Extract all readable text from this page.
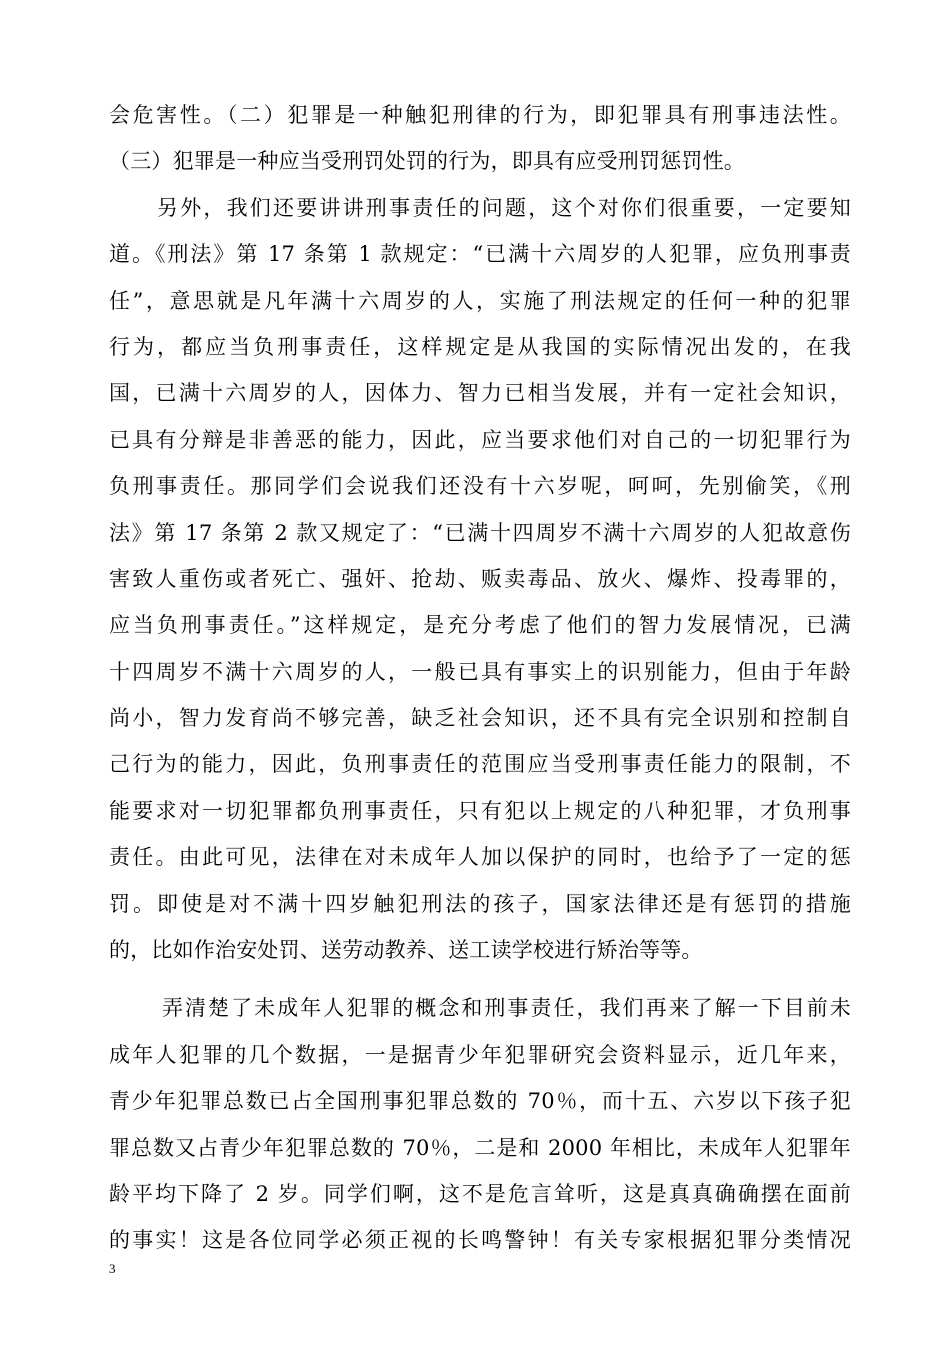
会危害性。（二）犯罪是一种触犯刑律的行为，即犯罪具有刑事违法性。
（三）犯罪是一种应当受刑罚处罚的行为，即具有应受刑罚惩罚性。
另外，我们还要讲讲刑事责任的问题，这个对你们很重要，一定要知
道。《刑法》第 17 条第 1 款规定：“已满十六周岁的人犯罪，应负刑事责
任”，意思就是凡年满十六周岁的人，实施了刑法规定的任何一种的犯罪
行为，都应当负刑事责任，这样规定是从我国的实际情况出发的，在我
国，已满十六周岁的人，因体力、智力已相当发展，并有一定社会知识，
已具有分辩是非善恶的能力，因此，应当要求他们对自己的一切犯罪行为
负刑事责任。那同学们会说我们还没有十六岁呢，呵呵，先别偷笑，《刑
法》第 17 条第 2 款又规定了：“已满十四周岁不满十六周岁的人犯故意伤
害致人重伤或者死亡、强奸、抢劫、贩卖毒品、放火、爆炸、投毒罪的，
应当负刑事责任。”这样规定，是充分考虑了他们的智力发展情况，已满
十四周岁不满十六周岁的人，一般已具有事实上的识别能力，但由于年龄
尚小，智力发育尚不够完善，缺乏社会知识，还不具有完全识别和控制自
己行为的能力，因此，负刑事责任的范围应当受刑事责任能力的限制，不
能要求对一切犯罪都负刑事责任，只有犯以上规定的八种犯罪，才负刑事
责任。由此可见，法律在对未成年人加以保护的同时，也给予了一定的惩
罚。即使是对不满十四岁触犯刑法的孩子，国家法律还是有惩罚的措施
的，比如作治安处罚、送劳动教养、送工读学校进行矫治等等。
弄清楚了未成年人犯罪的概念和刑事责任，我们再来了解一下目前未
成年人犯罪的几个数据，一是据青少年犯罪研究会资料显示，近几年来，
青少年犯罪总数已占全国刑事犯罪总数的 70％，而十五、六岁以下孩子犯
罪总数又占青少年犯罪总数的 70％，二是和 2000 年相比，未成年人犯罪年
龄平均下降了 2 岁。同学们啊，这不是危言耸听，这是真真确确摆在面前
的事实！这是各位同学必须正视的长鸣警钟！有关专家根据犯罪分类情况
3
